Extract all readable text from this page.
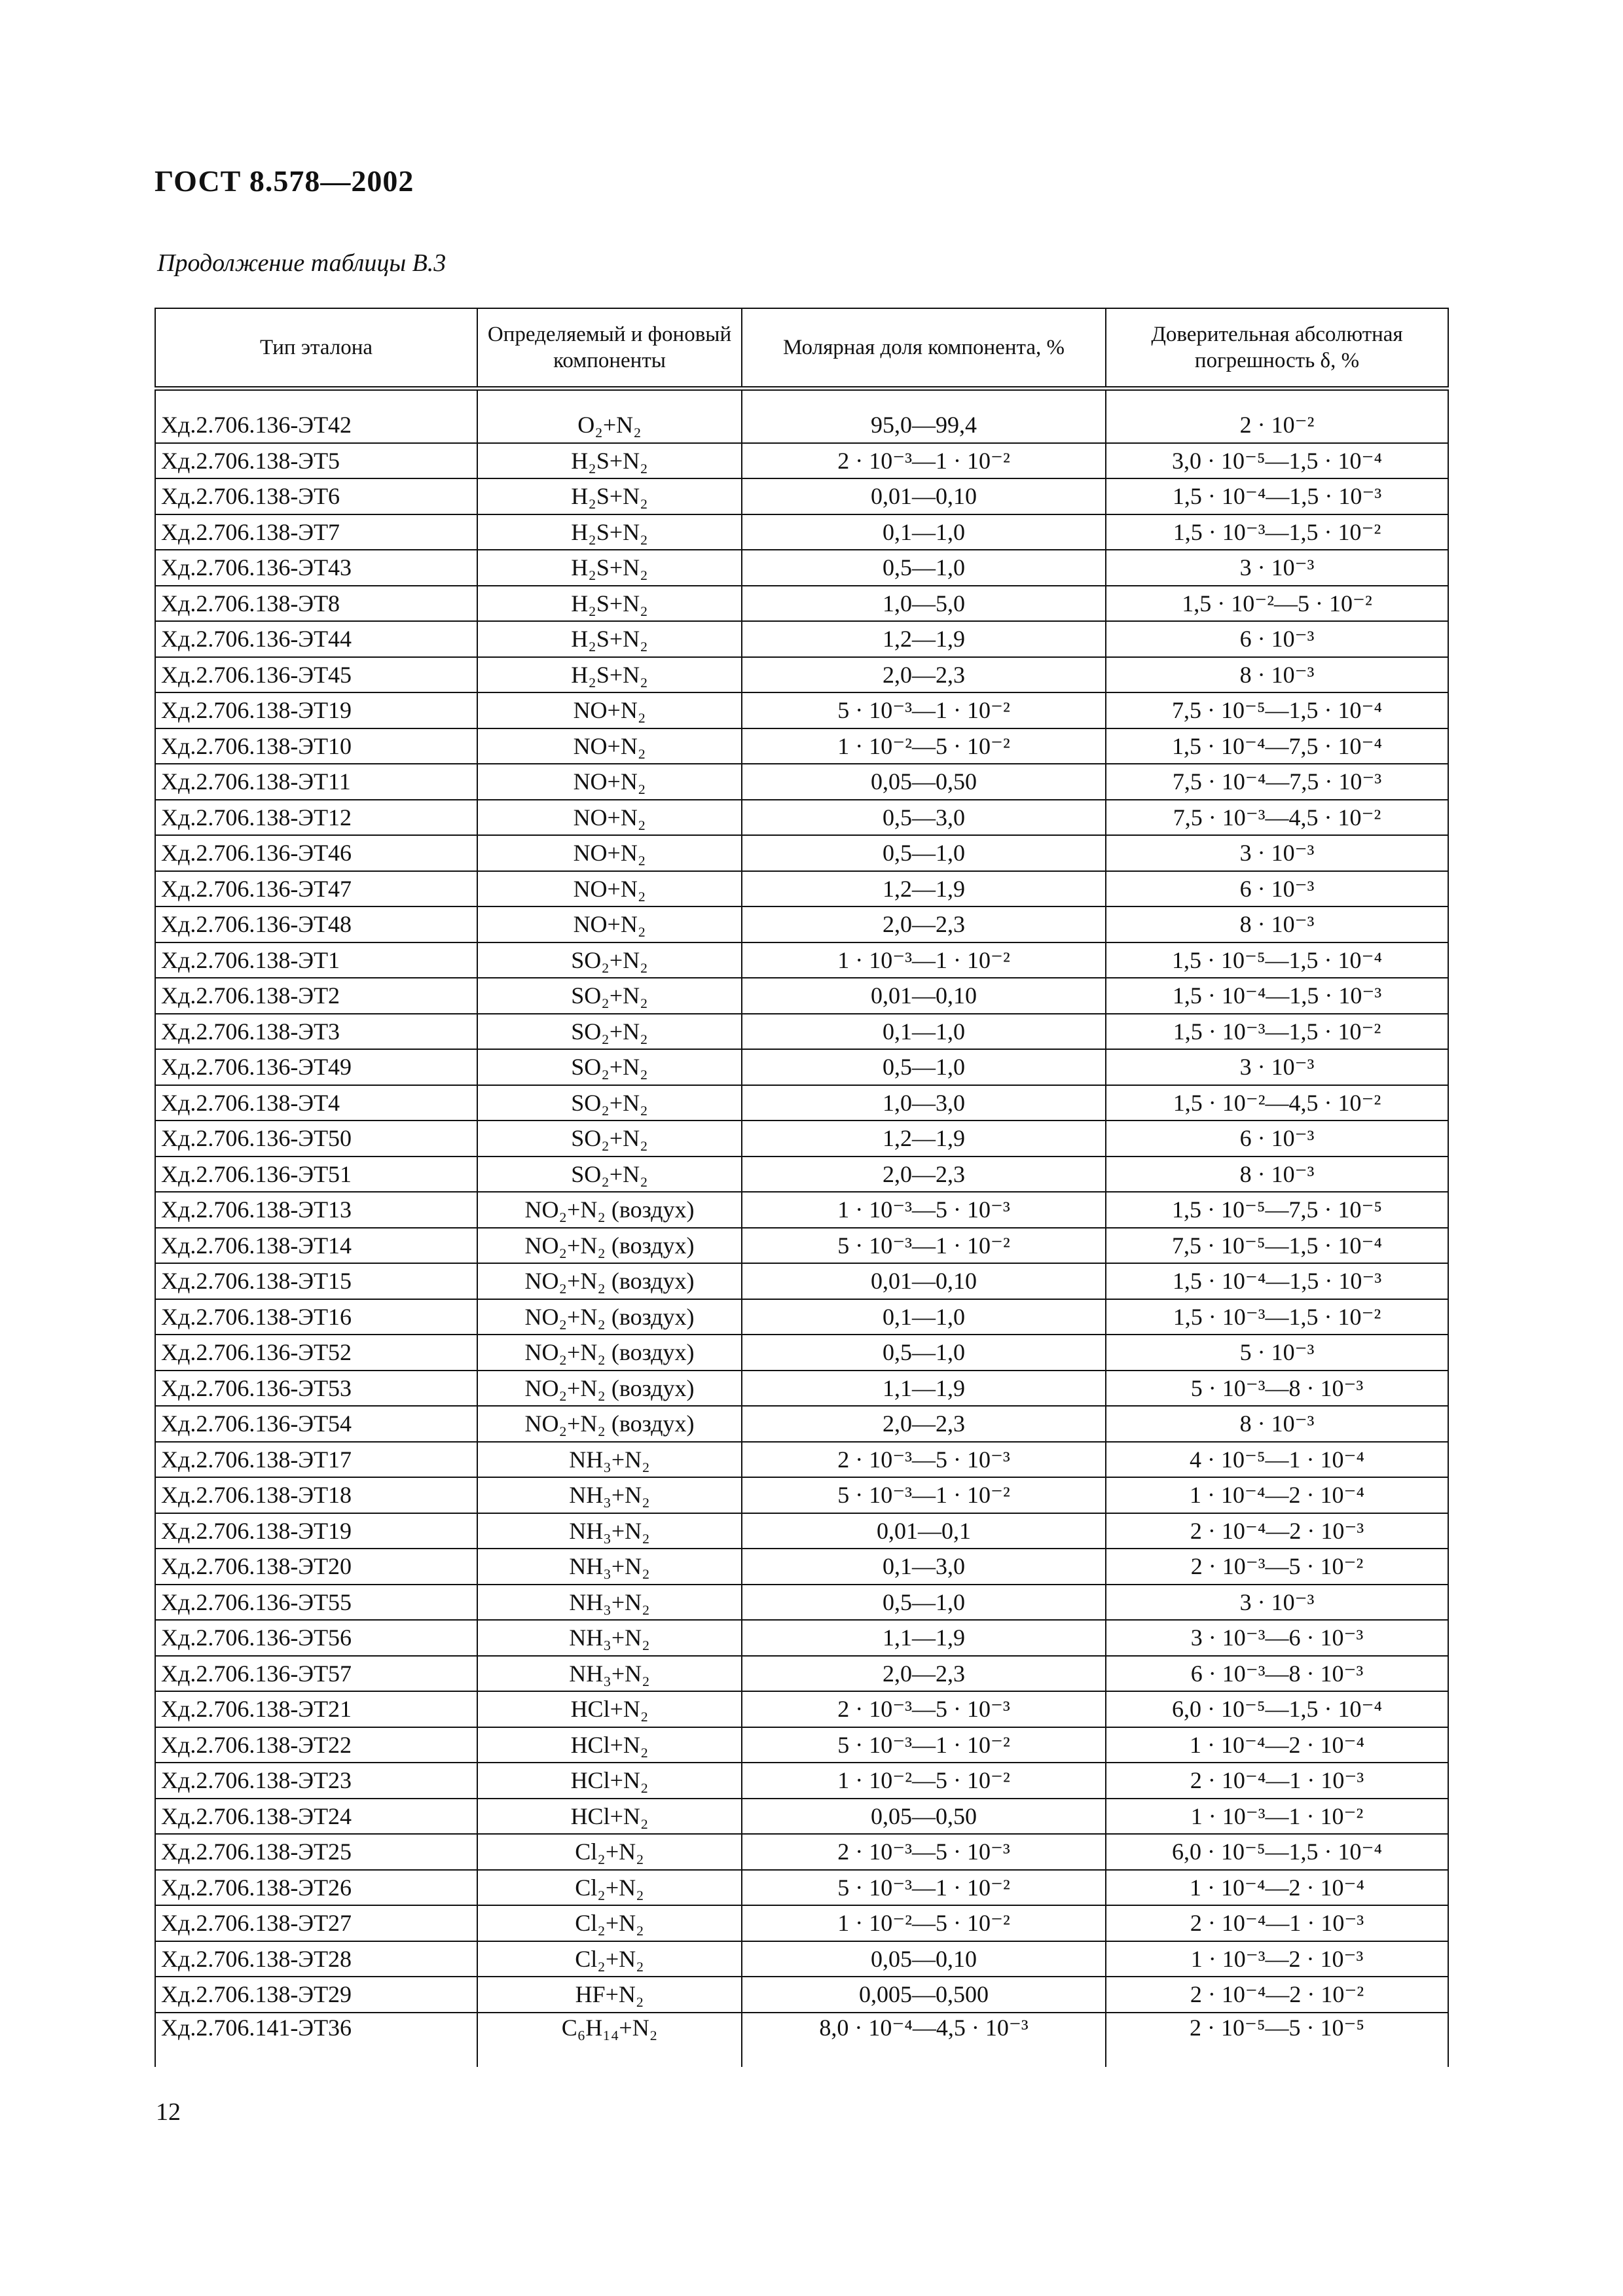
ГОСТ 8.578—2002
Продолжение таблицы В.3
Тип эталона	Определяемый и фоновый компоненты	Молярная доля компонента, %	Доверительная абсолютная погрешность δ, %

Хд.2.706.136-ЭТ42	O₂+N₂	95,0—99,4	2 · 10⁻²
Хд.2.706.138-ЭТ5	H₂S+N₂	2 · 10⁻³—1 · 10⁻²	3,0 · 10⁻⁵—1,5 · 10⁻⁴
Хд.2.706.138-ЭТ6	H₂S+N₂	0,01—0,10	1,5 · 10⁻⁴—1,5 · 10⁻³
Хд.2.706.138-ЭТ7	H₂S+N₂	0,1—1,0	1,5 · 10⁻³—1,5 · 10⁻²
Хд.2.706.136-ЭТ43	H₂S+N₂	0,5—1,0	3 · 10⁻³
Хд.2.706.138-ЭТ8	H₂S+N₂	1,0—5,0	1,5 · 10⁻²—5 · 10⁻²
Хд.2.706.136-ЭТ44	H₂S+N₂	1,2—1,9	6 · 10⁻³
Хд.2.706.136-ЭТ45	H₂S+N₂	2,0—2,3	8 · 10⁻³
Хд.2.706.138-ЭТ19	NO+N₂	5 · 10⁻³—1 · 10⁻²	7,5 · 10⁻⁵—1,5 · 10⁻⁴
Хд.2.706.138-ЭТ10	NO+N₂	1 · 10⁻²—5 · 10⁻²	1,5 · 10⁻⁴—7,5 · 10⁻⁴
Хд.2.706.138-ЭТ11	NO+N₂	0,05—0,50	7,5 · 10⁻⁴—7,5 · 10⁻³
Хд.2.706.138-ЭТ12	NO+N₂	0,5—3,0	7,5 · 10⁻³—4,5 · 10⁻²
Хд.2.706.136-ЭТ46	NO+N₂	0,5—1,0	3 · 10⁻³
Хд.2.706.136-ЭТ47	NO+N₂	1,2—1,9	6 · 10⁻³
Хд.2.706.136-ЭТ48	NO+N₂	2,0—2,3	8 · 10⁻³
Хд.2.706.138-ЭТ1	SO₂+N₂	1 · 10⁻³—1 · 10⁻²	1,5 · 10⁻⁵—1,5 · 10⁻⁴
Хд.2.706.138-ЭТ2	SO₂+N₂	0,01—0,10	1,5 · 10⁻⁴—1,5 · 10⁻³
Хд.2.706.138-ЭТ3	SO₂+N₂	0,1—1,0	1,5 · 10⁻³—1,5 · 10⁻²
Хд.2.706.136-ЭТ49	SO₂+N₂	0,5—1,0	3 · 10⁻³
Хд.2.706.138-ЭТ4	SO₂+N₂	1,0—3,0	1,5 · 10⁻²—4,5 · 10⁻²
Хд.2.706.136-ЭТ50	SO₂+N₂	1,2—1,9	6 · 10⁻³
Хд.2.706.136-ЭТ51	SO₂+N₂	2,0—2,3	8 · 10⁻³
Хд.2.706.138-ЭТ13	NO₂+N₂ (воздух)	1 · 10⁻³—5 · 10⁻³	1,5 · 10⁻⁵—7,5 · 10⁻⁵
Хд.2.706.138-ЭТ14	NO₂+N₂ (воздух)	5 · 10⁻³—1 · 10⁻²	7,5 · 10⁻⁵—1,5 · 10⁻⁴
Хд.2.706.138-ЭТ15	NO₂+N₂ (воздух)	0,01—0,10	1,5 · 10⁻⁴—1,5 · 10⁻³
Хд.2.706.138-ЭТ16	NO₂+N₂ (воздух)	0,1—1,0	1,5 · 10⁻³—1,5 · 10⁻²
Хд.2.706.136-ЭТ52	NO₂+N₂ (воздух)	0,5—1,0	5 · 10⁻³
Хд.2.706.136-ЭТ53	NO₂+N₂ (воздух)	1,1—1,9	5 · 10⁻³—8 · 10⁻³
Хд.2.706.136-ЭТ54	NO₂+N₂ (воздух)	2,0—2,3	8 · 10⁻³
Хд.2.706.138-ЭТ17	NH₃+N₂	2 · 10⁻³—5 · 10⁻³	4 · 10⁻⁵—1 · 10⁻⁴
Хд.2.706.138-ЭТ18	NH₃+N₂	5 · 10⁻³—1 · 10⁻²	1 · 10⁻⁴—2 · 10⁻⁴
Хд.2.706.138-ЭТ19	NH₃+N₂	0,01—0,1	2 · 10⁻⁴—2 · 10⁻³
Хд.2.706.138-ЭТ20	NH₃+N₂	0,1—3,0	2 · 10⁻³—5 · 10⁻²
Хд.2.706.136-ЭТ55	NH₃+N₂	0,5—1,0	3 · 10⁻³
Хд.2.706.136-ЭТ56	NH₃+N₂	1,1—1,9	3 · 10⁻³—6 · 10⁻³
Хд.2.706.136-ЭТ57	NH₃+N₂	2,0—2,3	6 · 10⁻³—8 · 10⁻³
Хд.2.706.138-ЭТ21	HCl+N₂	2 · 10⁻³—5 · 10⁻³	6,0 · 10⁻⁵—1,5 · 10⁻⁴
Хд.2.706.138-ЭТ22	HCl+N₂	5 · 10⁻³—1 · 10⁻²	1 · 10⁻⁴—2 · 10⁻⁴
Хд.2.706.138-ЭТ23	HCl+N₂	1 · 10⁻²—5 · 10⁻²	2 · 10⁻⁴—1 · 10⁻³
Хд.2.706.138-ЭТ24	HCl+N₂	0,05—0,50	1 · 10⁻³—1 · 10⁻²
Хд.2.706.138-ЭТ25	Cl₂+N₂	2 · 10⁻³—5 · 10⁻³	6,0 · 10⁻⁵—1,5 · 10⁻⁴
Хд.2.706.138-ЭТ26	Cl₂+N₂	5 · 10⁻³—1 · 10⁻²	1 · 10⁻⁴—2 · 10⁻⁴
Хд.2.706.138-ЭТ27	Cl₂+N₂	1 · 10⁻²—5 · 10⁻²	2 · 10⁻⁴—1 · 10⁻³
Хд.2.706.138-ЭТ28	Cl₂+N₂	0,05—0,10	1 · 10⁻³—2 · 10⁻³
Хд.2.706.138-ЭТ29	HF+N₂	0,005—0,500	2 · 10⁻⁴—2 · 10⁻²
Хд.2.706.141-ЭТ36	C₆H₁₄+N₂	8,0 · 10⁻⁴—4,5 · 10⁻³	2 · 10⁻⁵—5 · 10⁻⁵
12
